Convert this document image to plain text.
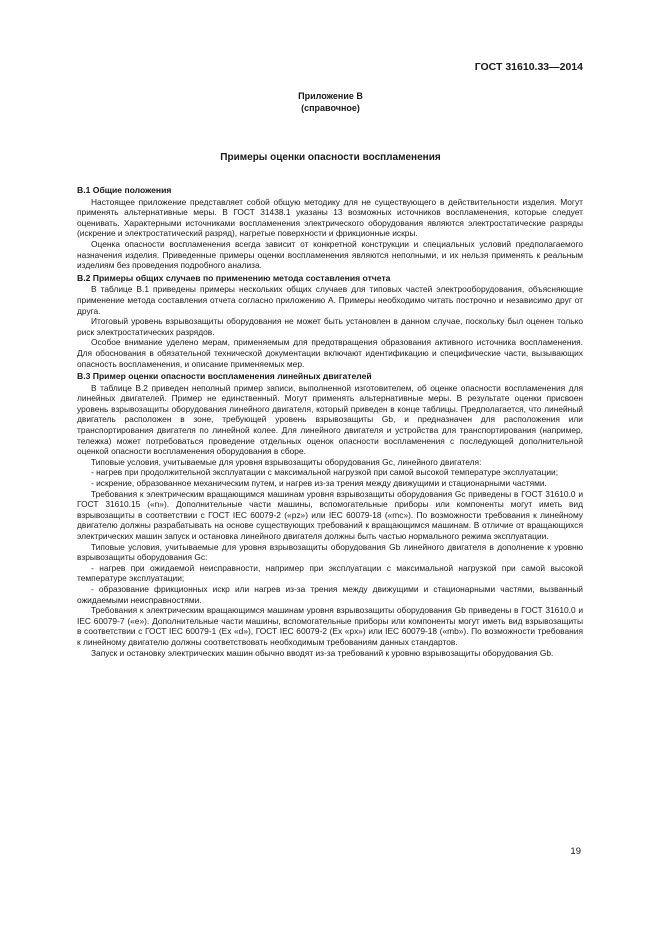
ГОСТ 31610.33—2014
Приложение В
(справочное)
Примеры оценки опасности воспламенения
В.1 Общие положения

Настоящее приложение представляет собой общую методику для не существующего в действительности изделия. Могут применять альтернативные меры. В ГОСТ 31438.1 указаны 13 возможных источников воспламенения, которые следует оценивать. Характерными источниками воспламенения электрического оборудования являются электростатические разряды (искрение и электростатический разряд), нагретые поверхности и фрикционные искры.

Оценка опасности воспламенения всегда зависит от конкретной конструкции и специальных условий предполагаемого назначения изделия. Приведенные примеры оценки воспламенения являются неполными, и их нельзя применять к реальным изделиям без проведения подробного анализа.

В.2 Примеры общих случаев по применению метода составления отчета

В таблице В.1 приведены примеры нескольких общих случаев для типовых частей электрооборудования, объясняющие применение метода составления отчета согласно приложению А. Примеры необходимо читать построчно и независимо друг от друга.

Итоговый уровень взрывозащиты оборудования не может быть установлен в данном случае, поскольку был оценен только риск электростатических разрядов.

Особое внимание уделено мерам, применяемым для предотвращения образования активного источника воспламенения. Для обоснования в обязательной технической документации включают идентификацию и специфические части, вызывающих опасность воспламенения, и описание применяемых мер.

В.3 Пример оценки опасности воспламенения линейных двигателей

В таблице В.2 приведен неполный пример записи, выполненной изготовителем, об оценке опасности воспламенения для линейных двигателей. Пример не единственный. Могут применять альтернативные меры. В результате оценки присвоен уровень взрывозащиты оборудования линейного двигателя, который приведен в конце таблицы. Предполагается, что линейный двигатель расположен в зоне, требующей уровень взрывозащиты Gb, и предназначен для расположения или транспортирования двигателя по линейной колее. Для линейного двигателя и устройства для транспортирования (например, тележка) может потребоваться проведение отдельных оценок опасности воспламенения с последующей дополнительной оценкой опасности воспламенения оборудования в сборе.

Типовые условия, учитываемые для уровня взрывозащиты оборудования Gc, линейного двигателя:

- нагрев при продолжительной эксплуатации с максимальной нагрузкой при самой высокой температуре эксплуатации;

- искрение, образованное механическим путем, и нагрев из-за трения между движущими и стационарными частями.

Требования к электрическим вращающимся машинам уровня взрывозащиты оборудования Gc приведены в ГОСТ 31610.0 и ГОСТ 31610.15 («n»). Дополнительные части машины, вспомогательные приборы или компоненты могут иметь вид взрывозащиты в соответствии с ГОСТ IEC 60079-2 («pz») или IEC 60079-18 («mc»). По возможности требования к линейному двигателю должны разрабатывать на основе существующих требований к вращающимся машинам. В отличие от вращающихся электрических машин запуск и остановка линейного двигателя должны быть частью нормального режима эксплуатации.

Типовые условия, учитываемые для уровня взрывозащиты оборудования Gb линейного двигателя в дополнение к уровню взрывозащиты оборудования Gc:

- нагрев при ожидаемой неисправности, например при эксплуатации с максимальной нагрузкой при самой высокой температуре эксплуатации;

- образование фрикционных искр или нагрев из-за трения между движущими и стационарными частями, вызванный ожидаемыми неисправностями.

Требования к электрическим вращающимся машинам уровня взрывозащиты оборудования Gb приведены в ГОСТ 31610.0 и IEC 60079-7 («е»). Дополнительные части машины, вспомогательные приборы или компоненты могут иметь вид взрывозащиты в соответствии с ГОСТ IEC 60079-1 (Ex «d»), ГОСТ IEC 60079-2 (Ex «px») или IEC 60079-18 («mb»). По возможности требования к линейному двигателю должны соответствовать необходимым требованиям данных стандартов.

Запуск и остановку электрических машин обычно вводят из-за требований к уровню взрывозащиты оборудования Gb.

19
